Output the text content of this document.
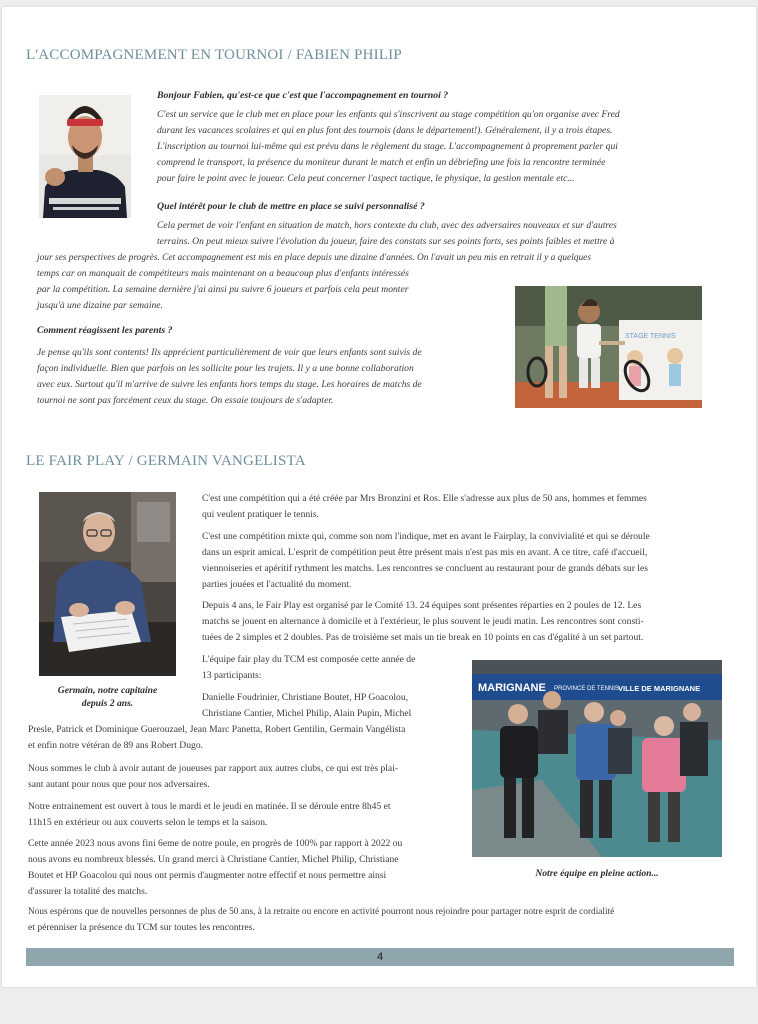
L'ACCOMPAGNEMENT EN TOURNOI / FABIEN PHILIP

Bonjour Fabien, qu'est-ce que c'est que l'accompagnement en tournoi ?

C'est un service que le club met en place pour les enfants qui s'inscrivent au stage compétition qu'on organise avec Fred

durant les vacances scolaires et qui en plus font des tournois (dans le département!). Généralement, il y a trois étapes.

L'inscription au tournoi lui-même qui est prévu dans le règlement du stage. L'accompagnement à proprement parler qui

comprend le transport, la présence du moniteur durant le match et enfin un débriefing une fois la rencontre terminée

pour faire le point avec le joueur. Cela peut concerner l'aspect tactique, le physique, la gestion mentale etc...

Quel intérêt pour le club de mettre en place se suivi personnalisé ?

Cela permet de voir l'enfant en situation de match, hors contexte du club, avec des adversaires nouveaux et sur d'autres

terrains. On peut mieux suivre l'évolution du joueur, faire des constats sur ses points forts, ses points faibles et mettre à

jour ses perspectives de progrès. Cet accompagnement est mis en place depuis une dizaine d'années. On l'avait un peu mis en retrait il y a quelques

temps car on manquait de compétiteurs mais maintenant on a beaucoup plus d'enfants intéressés

par la compétition. La semaine dernière j'ai ainsi pu suivre 6 joueurs et parfois cela peut monter

jusqu'à une dizaine par semaine.

Comment réagissent les parents ?

Je pense qu'ils sont contents! Ils apprécient particulièrement de voir que leurs enfants sont suivis de

façon individuelle. Bien que parfois on les sollicite pour les trajets. Il y a une bonne collaboration

avec eux. Surtout qu'il m'arrive de suivre les enfants hors temps du stage. Les horaires de matchs de

tournoi ne sont pas forcément ceux du stage. On essaie toujours de s'adapter.

STAGE TENNIS
LE FAIR PLAY / GERMAIN VANGELISTA

Germain, notre capitaine

depuis 2 ans.

C'est une compétition qui a été créée par Mrs Bronzini et Ros. Elle s'adresse aux plus de 50 ans, hommes et femmes

qui veulent pratiquer le tennis.

C'est une compétition mixte qui, comme son nom l'indique, met en avant le Fairplay, la convivialité et qui se déroule

dans un esprit amical. L'esprit de compétition peut être présent mais n'est pas mis en avant. A ce titre, café d'accueil,

viennoiseries et apéritif rythment les matchs. Les rencontres se concluent au restaurant pour de grands débats sur les

parties jouées et l'actualité du moment.

Depuis 4 ans, le Fair Play est organisé par le Comité 13. 24 équipes sont présentes réparties en 2 poules de 12. Les

matchs se jouent en alternance à domicile et à l'extérieur, le plus souvent le jeudi matin. Les rencontres sont consti-

tuées de 2 simples et 2 doubles. Pas de troisième set mais un tie break en 10 points en cas d'égalité à un set partout.

L'équipe fair play du TCM est composée cette année de

13 participants:

Danielle Foudrinier, Christiane Boutet, HP Goacolou,

Christiane Cantier, Michel Philip, Alain Pupin, Michel

Presle, Patrick et Dominique Guerouzael, Jean Marc Panetta, Robert Gentilin, Germain Vangélista

et enfin notre vétéran de 89 ans Robert Dugo.

Nous sommes le club à avoir autant de joueuses par rapport aux autres clubs, ce qui est très plai-

sant autant pour nous que pour nos adversaires.

Notre entrainement est ouvert à tous le mardi et le jeudi en matinée. Il se déroule entre 8h45 et

11h15 en extérieur ou aux couverts selon le temps et la saison.

Cette année 2023 nous avons fini 6eme de notre poule, en progrès de 100% par rapport à 2022 ou

nous avons eu nombreux blessés. Un grand merci à Christiane Cantier, Michel Philip, Christiane

Boutet et HP Goacolou qui nous ont permis d'augmenter notre effectif et nous permettre ainsi

d'assurer la totalité des matchs.

MARIGNANE PROVINCE DE TENNIS VILLE DE MARIGNANE

Notre équipe en pleine action...

Nous espérons que de nouvelles personnes de plus de 50 ans, à la retraite ou encore en activité pourront nous rejoindre pour partager notre esprit de cordialité

et pérenniser la présence du TCM sur toutes les rencontres.

4
